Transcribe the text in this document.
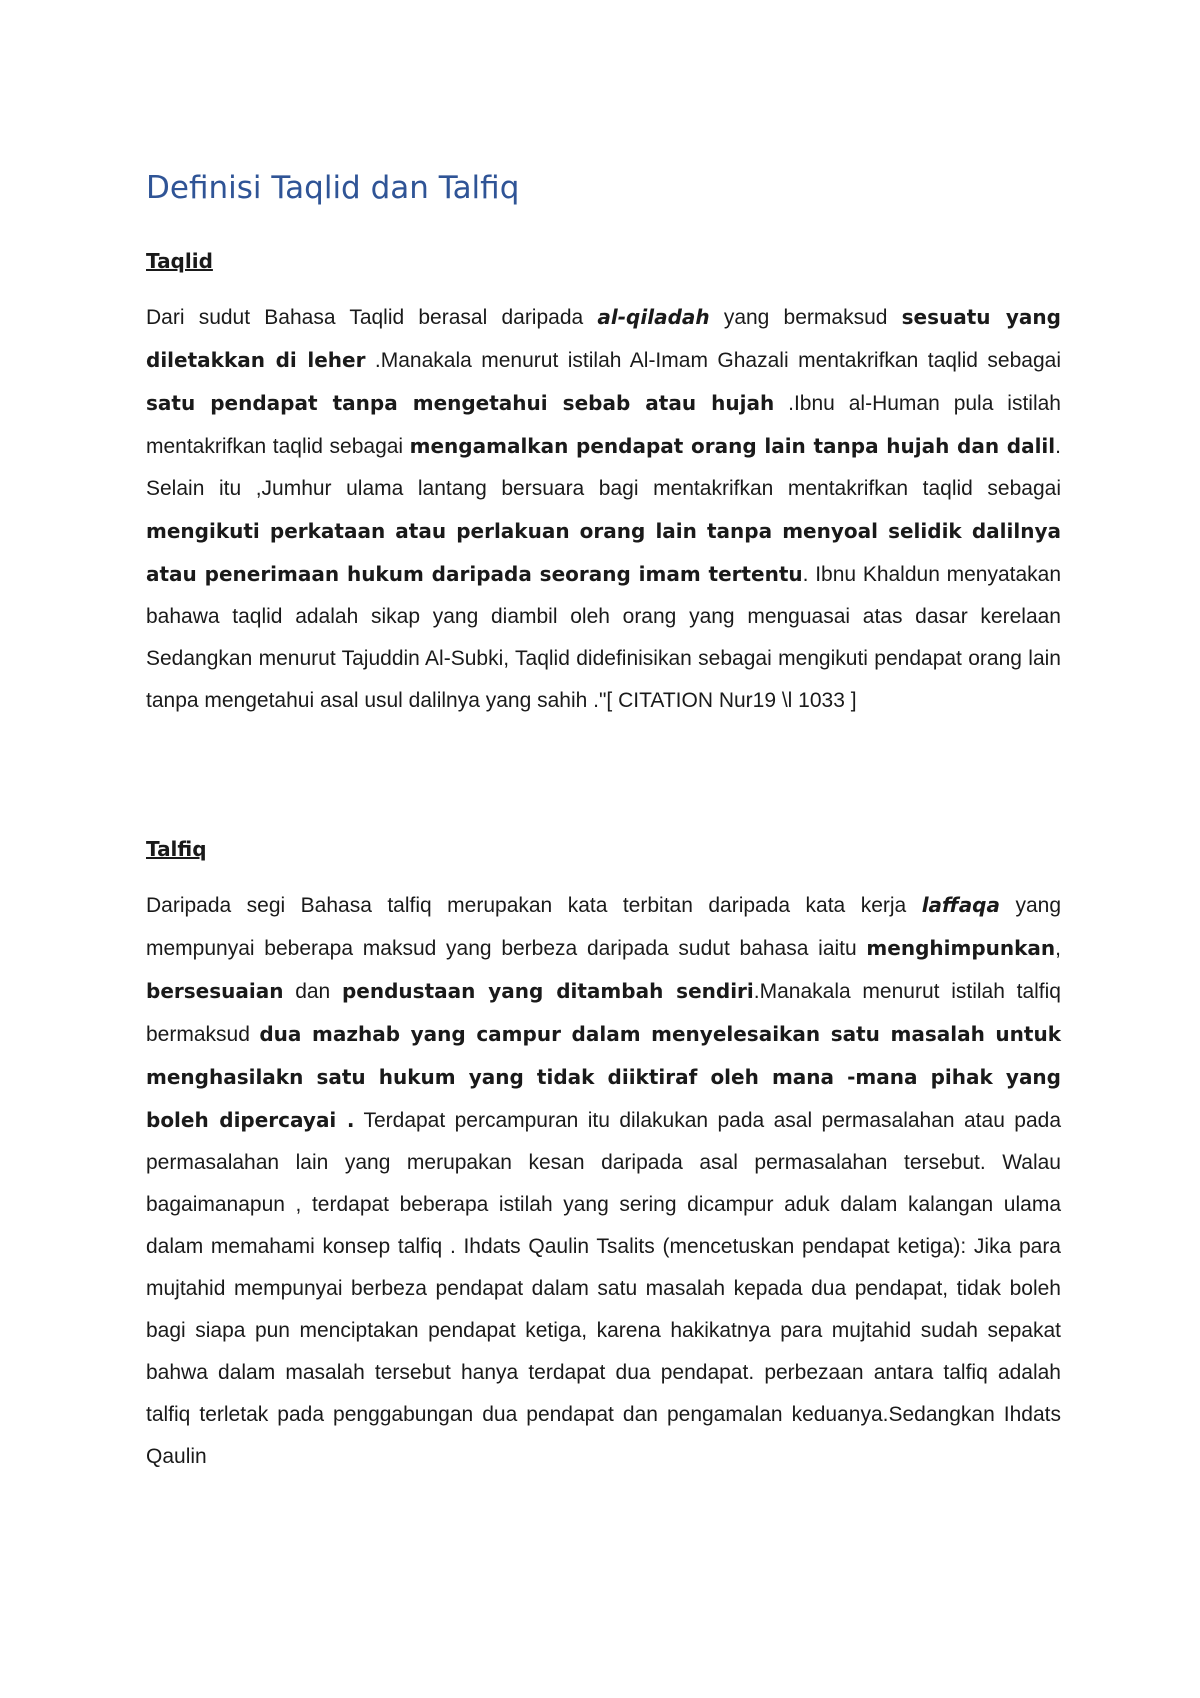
Definisi Taqlid dan Talfiq
Taqlid

Dari sudut Bahasa Taqlid berasal daripada al-qiladah yang bermaksud sesuatu yang diletakkan di leher .Manakala menurut istilah Al-Imam Ghazali mentakrifkan taqlid sebagai satu pendapat tanpa mengetahui sebab atau hujah .Ibnu al-Human pula istilah mentakrifkan taqlid sebagai mengamalkan pendapat orang lain tanpa hujah dan dalil. Selain itu ,Jumhur ulama lantang bersuara bagi mentakrifkan mentakrifkan taqlid sebagai mengikuti perkataan atau perlakuan orang lain tanpa menyoal selidik dalilnya atau penerimaan hukum daripada seorang imam tertentu. Ibnu Khaldun menyatakan bahawa taqlid adalah sikap yang diambil oleh orang yang menguasai atas dasar kerelaan Sedangkan menurut Tajuddin Al-Subki, Taqlid didefinisikan sebagai mengikuti pendapat orang lain tanpa mengetahui asal usul dalilnya yang sahih ."[ CITATION Nur19 \l 1033 ]

Talfiq

Daripada segi Bahasa talfiq merupakan kata terbitan daripada kata kerja laffaqa yang mempunyai beberapa maksud yang berbeza daripada sudut bahasa iaitu menghimpunkan, bersesuaian dan pendustaan yang ditambah sendiri.Manakala menurut istilah talfiq bermaksud dua mazhab yang campur dalam menyelesaikan satu masalah untuk menghasilakn satu hukum yang tidak diiktiraf oleh mana -mana pihak yang boleh dipercayai . Terdapat percampuran itu dilakukan pada asal permasalahan atau pada permasalahan lain yang merupakan kesan daripada asal permasalahan tersebut. Walau bagaimanapun , terdapat beberapa istilah yang sering dicampur aduk dalam kalangan ulama dalam memahami konsep talfiq . Ihdats Qaulin Tsalits (mencetuskan pendapat ketiga): Jika para mujtahid mempunyai berbeza pendapat dalam satu masalah kepada dua pendapat, tidak boleh bagi siapa pun menciptakan pendapat ketiga, karena hakikatnya para mujtahid sudah sepakat bahwa dalam masalah tersebut hanya terdapat dua pendapat. perbezaan antara talfiq adalah talfiq terletak pada penggabungan dua pendapat dan pengamalan keduanya.Sedangkan Ihdats Qaulin
